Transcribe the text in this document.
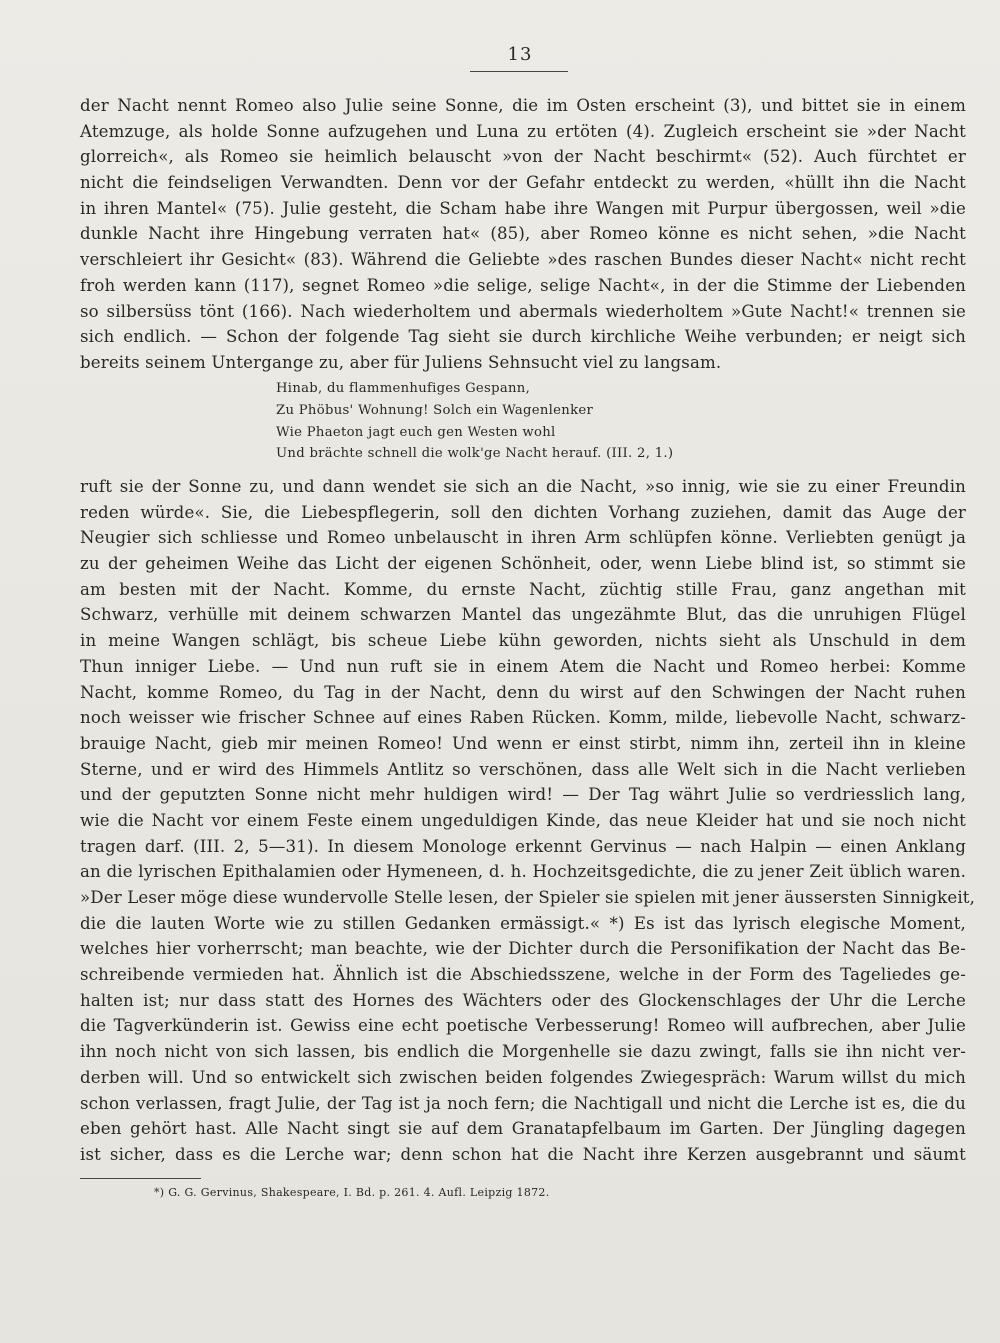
13
der Nacht nennt Romeo also Julie seine Sonne, die im Osten erscheint (3), und bittet sie in einem
Atemzuge, als holde Sonne aufzugehen und Luna zu ertöten (4). Zugleich erscheint sie »der Nacht
glorreich«, als Romeo sie heimlich belauscht »von der Nacht beschirmt« (52). Auch fürchtet er
nicht die feindseligen Verwandten. Denn vor der Gefahr entdeckt zu werden, «hüllt ihn die Nacht
in ihren Mantel« (75). Julie gesteht, die Scham habe ihre Wangen mit Purpur übergossen, weil »die
dunkle Nacht ihre Hingebung verraten hat« (85), aber Romeo könne es nicht sehen, »die Nacht
verschleiert ihr Gesicht« (83). Während die Geliebte »des raschen Bundes dieser Nacht« nicht recht
froh werden kann (117), segnet Romeo »die selige, selige Nacht«, in der die Stimme der Liebenden
so silbersüss tönt (166). Nach wiederholtem und abermals wiederholtem »Gute Nacht!« trennen sie
sich endlich. — Schon der folgende Tag sieht sie durch kirchliche Weihe verbunden; er neigt sich
bereits seinem Untergange zu, aber für Juliens Sehnsucht viel zu langsam.
Hinab, du flammenhufiges Gespann,
Zu Phöbus' Wohnung! Solch ein Wagenlenker
Wie Phaeton jagt euch gen Westen wohl
Und brächte schnell die wolk'ge Nacht herauf. (III. 2, 1.)
ruft sie der Sonne zu, und dann wendet sie sich an die Nacht, »so innig, wie sie zu einer Freundin
reden würde«. Sie, die Liebespflegerin, soll den dichten Vorhang zuziehen, damit das Auge der
Neugier sich schliesse und Romeo unbelauscht in ihren Arm schlüpfen könne. Verliebten genügt ja
zu der geheimen Weihe das Licht der eigenen Schönheit, oder, wenn Liebe blind ist, so stimmt sie
am besten mit der Nacht. Komme, du ernste Nacht, züchtig stille Frau, ganz angethan mit
Schwarz, verhülle mit deinem schwarzen Mantel das ungezähmte Blut, das die unruhigen Flügel
in meine Wangen schlägt, bis scheue Liebe kühn geworden, nichts sieht als Unschuld in dem
Thun inniger Liebe. — Und nun ruft sie in einem Atem die Nacht und Romeo herbei: Komme
Nacht, komme Romeo, du Tag in der Nacht, denn du wirst auf den Schwingen der Nacht ruhen
noch weisser wie frischer Schnee auf eines Raben Rücken. Komm, milde, liebevolle Nacht, schwarz-
brauige Nacht, gieb mir meinen Romeo! Und wenn er einst stirbt, nimm ihn, zerteil ihn in kleine
Sterne, und er wird des Himmels Antlitz so verschönen, dass alle Welt sich in die Nacht verlieben
und der geputzten Sonne nicht mehr huldigen wird! — Der Tag währt Julie so verdriesslich lang,
wie die Nacht vor einem Feste einem ungeduldigen Kinde, das neue Kleider hat und sie noch nicht
tragen darf. (III. 2, 5—31). In diesem Monologe erkennt Gervinus — nach Halpin — einen Anklang
an die lyrischen Epithalamien oder Hymeneen, d. h. Hochzeitsgedichte, die zu jener Zeit üblich waren.
»Der Leser möge diese wundervolle Stelle lesen, der Spieler sie spielen mit jener äussersten Sinnigkeit,
die die lauten Worte wie zu stillen Gedanken ermässigt.« *) Es ist das lyrisch elegische Moment,
welches hier vorherrscht; man beachte, wie der Dichter durch die Personifikation der Nacht das Be-
schreibende vermieden hat. Ähnlich ist die Abschiedsszene, welche in der Form des Tageliedes ge-
halten ist; nur dass statt des Hornes des Wächters oder des Glockenschlages der Uhr die Lerche
die Tagverkünderin ist. Gewiss eine echt poetische Verbesserung! Romeo will aufbrechen, aber Julie
ihn noch nicht von sich lassen, bis endlich die Morgenhelle sie dazu zwingt, falls sie ihn nicht ver-
derben will. Und so entwickelt sich zwischen beiden folgendes Zwiegespräch: Warum willst du mich
schon verlassen, fragt Julie, der Tag ist ja noch fern; die Nachtigall und nicht die Lerche ist es, die du
eben gehört hast. Alle Nacht singt sie auf dem Granatapfelbaum im Garten. Der Jüngling dagegen
ist sicher, dass es die Lerche war; denn schon hat die Nacht ihre Kerzen ausgebrannt und säumt
*) G. G. Gervinus, Shakespeare, I. Bd. p. 261. 4. Aufl. Leipzig 1872.
